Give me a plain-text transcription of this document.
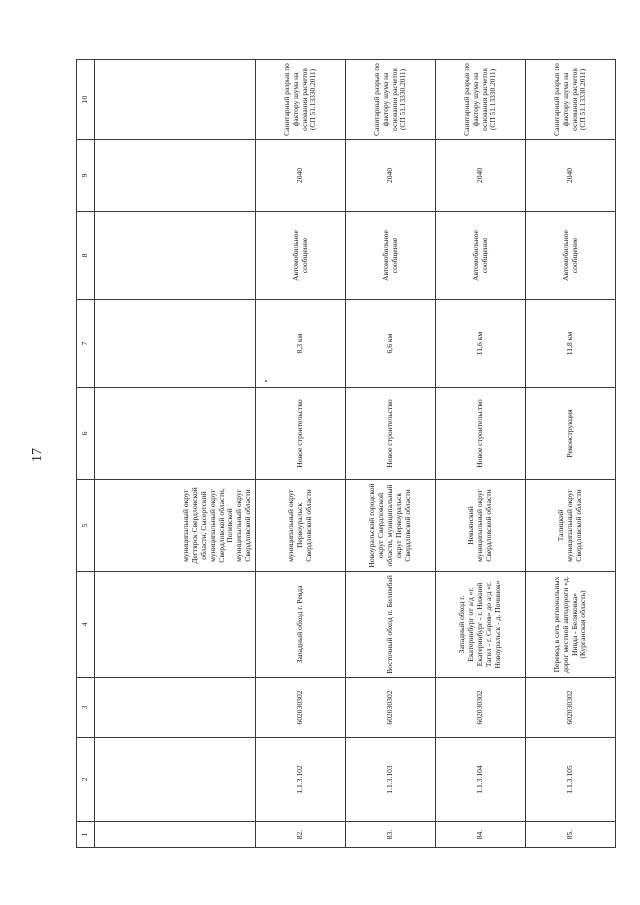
17
1	2	3	4	5	6	7	8	9	10
				муниципальный округ Дегтярск Свердловской области, Сысертский муниципальный округ Свердловской области, Полевской муниципальный округ Свердловской области					
82.	1.1.3.102	602030302	Западный обход г. Ревда	муниципальный округ Первоуральск Свердловской области	Новое строительство	8,3 км	Автомобильное сообщение	2040	Санитарный разрыв по фактору шума на основании расчетов (СП 51.13330.2011)
83.	1.1.3.103	602030302	Восточный обход п. Билимбай	Новоуральский городской округ Свердловской области, муниципальный округ Первоуральск Свердловской области	Новое строительство	6,6 км	Автомобильное сообщение	2040	Санитарный разрыв по фактору шума на основании расчетов (СП 51.13330.2011)
84.	1.1.3.104	602030302	Западный обход г. Екатеринбург от а/д «г. Екатеринбург - г. Нижний Тагил - г. Серов» до а/д «г. Новоуральск - д. Починок»	Невьянский муниципальный округ Свердловской области	Новое строительство	11,6 км	Автомобильное сообщение	2040	Санитарный разрыв по фактору шума на основании расчетов (СП 51.13330.2011)
85.	1.1.3.105	602030302	Перевод в сеть региональных дорог местной автодороги «д. Нивда - Беляковка» (Курганская область)	Талицкий муниципальный округ Свердловской области	Реконструкция	11,8 км	Автомобильное сообщение	2040	Санитарный разрыв по фактору шума на основании расчетов (СП 51.13330.2011)
